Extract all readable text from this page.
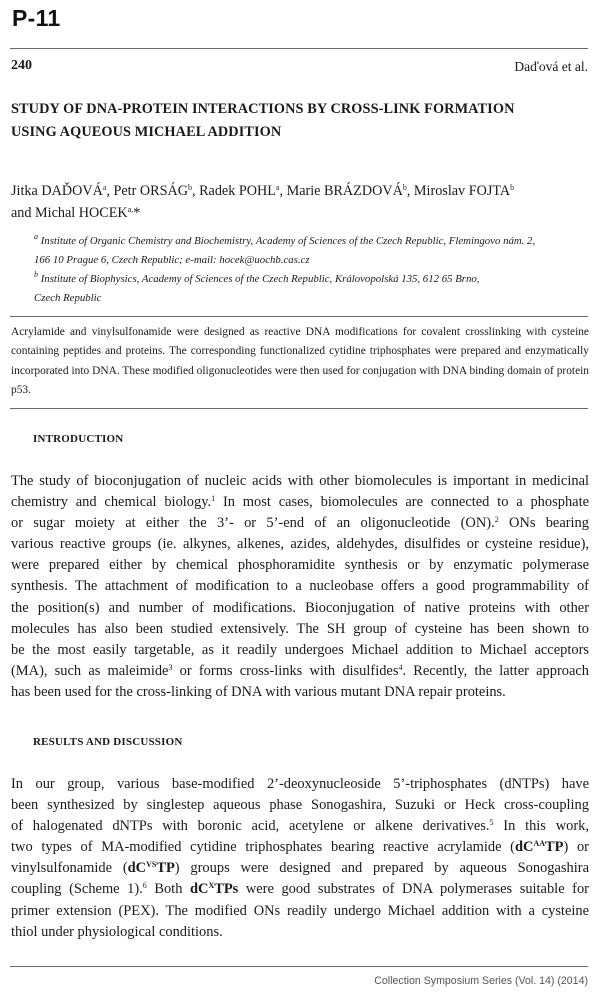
P-11
240	Daďová et al.
STUDY OF DNA-PROTEIN INTERACTIONS BY CROSS-LINK FORMATION
USING AQUEOUS MICHAEL ADDITION
Jitka DAĎOVÁ$^a$, Petr ORSÁG$^b$, Radek POHL$^a$, Marie BRÁZDOVÁ$^b$, Miroslav FOJTA$^b$
and Michal $HOCEK^{a,}*$
$^a$ Institute of Organic Chemistry and Biochemistry, Academy of Sciences of the Czech Republic, Flemingovo nám. 2,
166 10 Prague 6, Czech Republic; e-mail: hocek@uochb.cas.cz
$^b$ Institute of Biophysics, Academy of Sciences of the Czech Republic, Královopolská 135, 612 65 Brno,
Czech Republic
Acrylamide and vinylsulfonamide were designed as reactive DNA modifications for covalent crosslinking with cysteine containing peptides and proteins. The corresponding functionalized cytidine triphosphates were prepared and enzymatically incorporated into DNA. These modified oligonucleotides were then used for conjugation with DNA binding domain of protein p53.
INTRODUCTION
The study of bioconjugation of nucleic acids with other biomolecules is important in medicinal
chemistry and chemical biology.$^1$ In most cases, biomolecules are connected to a phosphate
or sugar moiety at either the 3’- or 5’-end of an oligonucleotide (ON).$^2$ ONs bearing
various reactive groups (ie. alkynes, alkenes, azides, aldehydes, disulfides or cysteine residue),
were prepared either by chemical phosphoramidite synthesis or by enzymatic polymerase
synthesis. The attachment of modification to a nucleobase offers a good programmability of
the position(s) and number of modifications. Bioconjugation of native proteins with other
molecules has also been studied extensively. The SH group of cysteine has been shown to
be the most easily targetable, as it readily undergoes Michael addition to Michael acceptors
(MA), such as maleimide$^3$ or forms cross-links with disulfides$^4$. Recently, the latter approach
has been used for the cross-linking of DNA with various mutant DNA repair proteins.
RESULTS AND DISCUSSION
In our group, various base-modified 2’-deoxynucleoside 5’-triphosphates (dNTPs) have
been synthesized by singlestep aqueous phase Sonogashira, Suzuki or Heck cross-coupling
of halogenated dNTPs with boronic acid, acetylene or alkene derivatives.$^5$ In this work,
two types of MA-modified cytidine triphosphates bearing reactive acrylamide $(dC^{AA}TP)$ or
vinylsulfonamide $(dC^{VS}TP)$ groups were designed and prepared by aqueous Sonogashira
coupling (Scheme 1).$^6$ Both $dC^XTPs$ were good substrates of DNA polymerases suitable for
primer extension (PEX). The modified ONs readily undergo Michael addition with a cysteine
thiol under physiological conditions.
Collection Symposium Series (Vol. 14) (2014)
